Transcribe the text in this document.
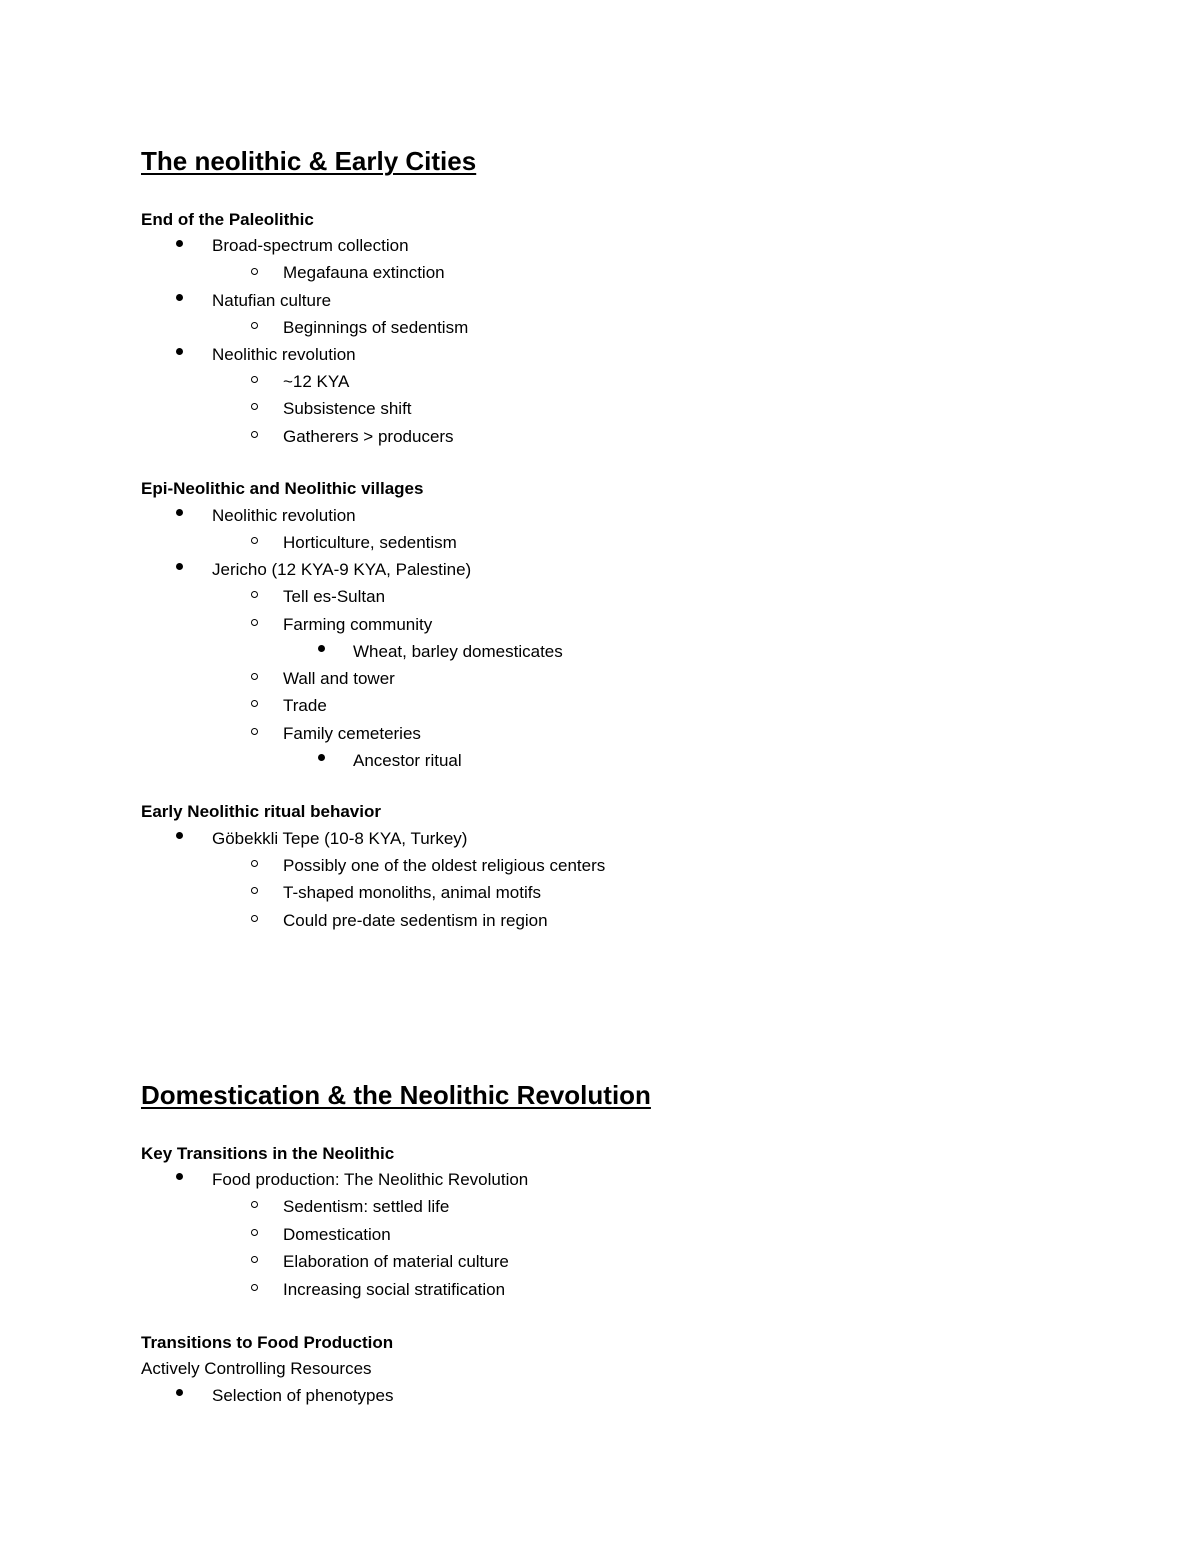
The neolithic & Early Cities
End of the Paleolithic
Broad-spectrum collection
Megafauna extinction
Natufian culture
Beginnings of sedentism
Neolithic revolution
~12 KYA
Subsistence shift
Gatherers > producers
Epi-Neolithic and Neolithic villages
Neolithic revolution
Horticulture, sedentism
Jericho (12 KYA-9 KYA, Palestine)
Tell es-Sultan
Farming community
Wheat, barley domesticates
Wall and tower
Trade
Family cemeteries
Ancestor ritual
Early Neolithic ritual behavior
Göbekkli Tepe (10-8 KYA, Turkey)
Possibly one of the oldest religious centers
T-shaped monoliths, animal motifs
Could pre-date sedentism in region
Domestication & the Neolithic Revolution
Key Transitions in the Neolithic
Food production: The Neolithic Revolution
Sedentism: settled life
Domestication
Elaboration of material culture
Increasing social stratification
Transitions to Food Production
Actively Controlling Resources
Selection of phenotypes
